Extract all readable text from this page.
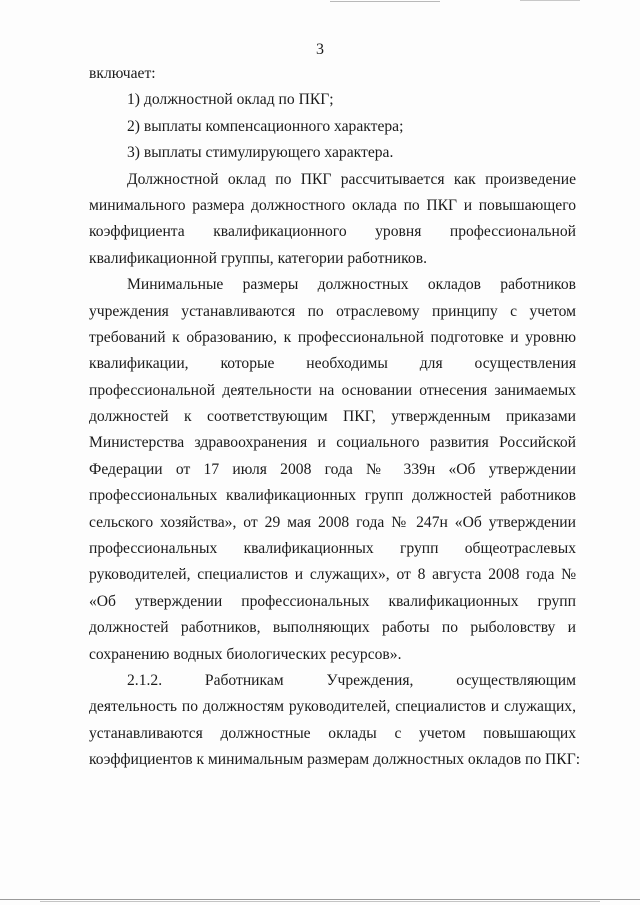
3
включает:
1) должностной оклад по ПКГ;
2) выплаты компенсационного характера;
3) выплаты стимулирующего характера.
Должностной оклад по ПКГ рассчитывается как произведение
минимального размера должностного оклада по ПКГ и повышающего
коэффициента квалификационного уровня профессиональной
квалификационной группы, категории работников.
Минимальные размеры должностных окладов работников
учреждения устанавливаются по отраслевому принципу с учетом
требований к образованию, к профессиональной подготовке и уровню
квалификации, которые необходимы для осуществления
профессиональной деятельности на основании отнесения занимаемых
должностей к соответствующим ПКГ, утвержденным приказами
Министерства здравоохранения и социального развития Российской
Федерации от 17 июля 2008 года № 339н «Об утверждении
профессиональных квалификационных групп должностей работников
сельского хозяйства», от 29 мая 2008 года № 247н «Об утверждении
профессиональных квалификационных групп общеотраслевых
руководителей, специалистов и служащих», от 8 августа 2008 года №
«Об утверждении профессиональных квалификационных групп
должностей работников, выполняющих работы по рыболовству и
сохранению водных биологических ресурсов».
2.1.2. Работникам Учреждения, осуществляющим
деятельность по должностям руководителей, специалистов и служащих,
устанавливаются должностные оклады с учетом повышающих
коэффициентов к минимальным размерам должностных окладов по ПКГ:
